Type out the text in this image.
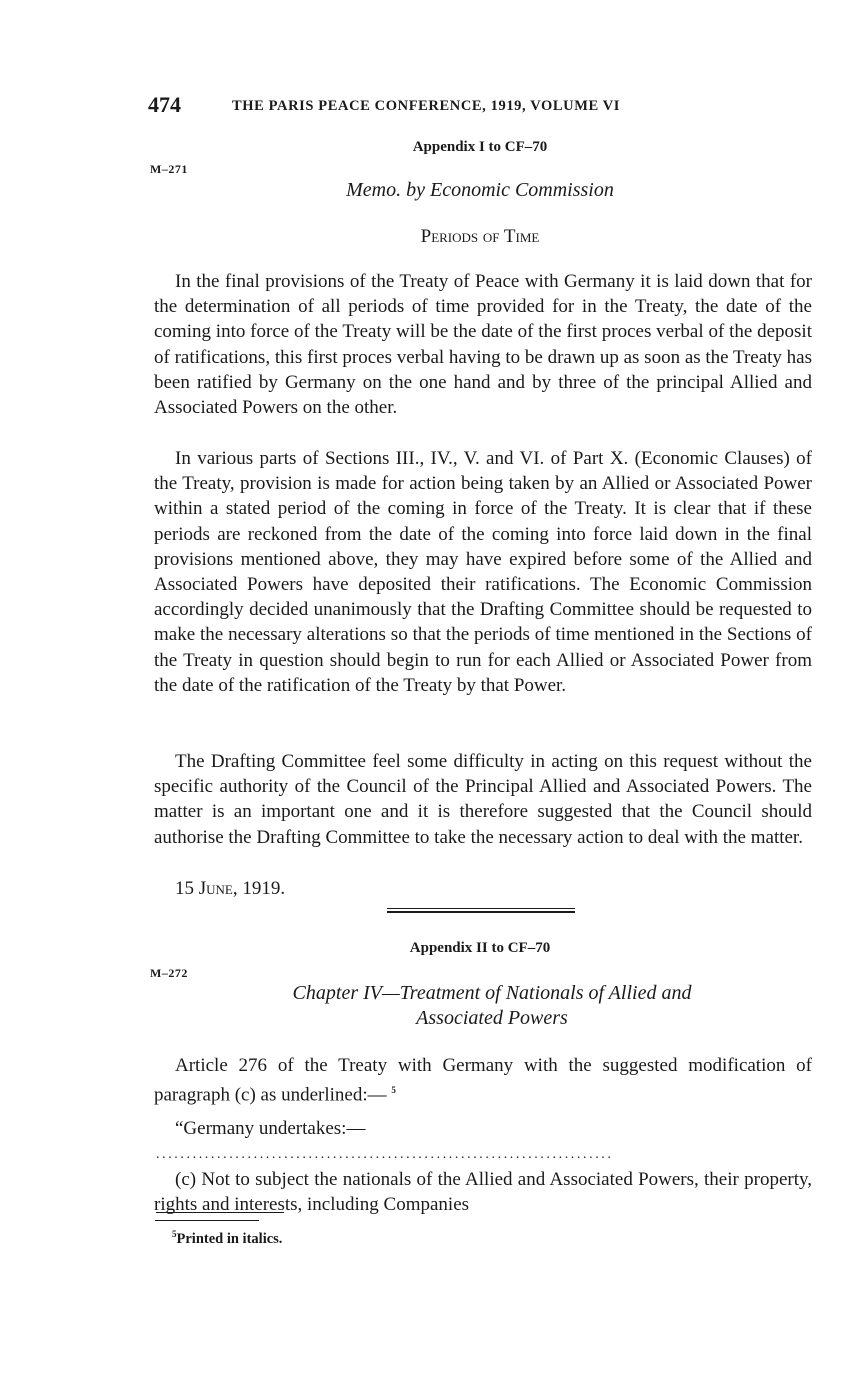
474	THE PARIS PEACE CONFERENCE, 1919, VOLUME VI
Appendix I to CF–70
M–271
Memo. by Economic Commission
Periods of Time

In the final provisions of the Treaty of Peace with Germany it is laid down that for the determination of all periods of time provided for in the Treaty, the date of the coming into force of the Treaty will be the date of the first proces verbal of the deposit of ratifications, this first proces verbal having to be drawn up as soon as the Treaty has been ratified by Germany on the one hand and by three of the principal Allied and Associated Powers on the other.

In various parts of Sections III., IV., V. and VI. of Part X. (Economic Clauses) of the Treaty, provision is made for action being taken by an Allied or Associated Power within a stated period of the coming in force of the Treaty. It is clear that if these periods are reckoned from the date of the coming into force laid down in the final provisions mentioned above, they may have expired before some of the Allied and Associated Powers have deposited their ratifications. The Economic Commission accordingly decided unanimously that the Drafting Committee should be requested to make the necessary alterations so that the periods of time mentioned in the Sections of the Treaty in question should begin to run for each Allied or Associated Power from the date of the ratification of the Treaty by that Power.

The Drafting Committee feel some difficulty in acting on this request without the specific authority of the Council of the Principal Allied and Associated Powers. The matter is an important one and it is therefore suggested that the Council should authorise the Drafting Committee to take the necessary action to deal with the matter.

15 June, 1919.
Appendix II to CF–70
M–272
Chapter IV—Treatment of Nationals of Allied and
Associated Powers

Article 276 of the Treaty with Germany with the suggested modification of paragraph (c) as underlined:— $^5$

“Germany undertakes:—

...........................................................................

(c) Not to subject the nationals of the Allied and Associated Powers, their property, rights and interests, including Companies

$^5$Printed in italics.
